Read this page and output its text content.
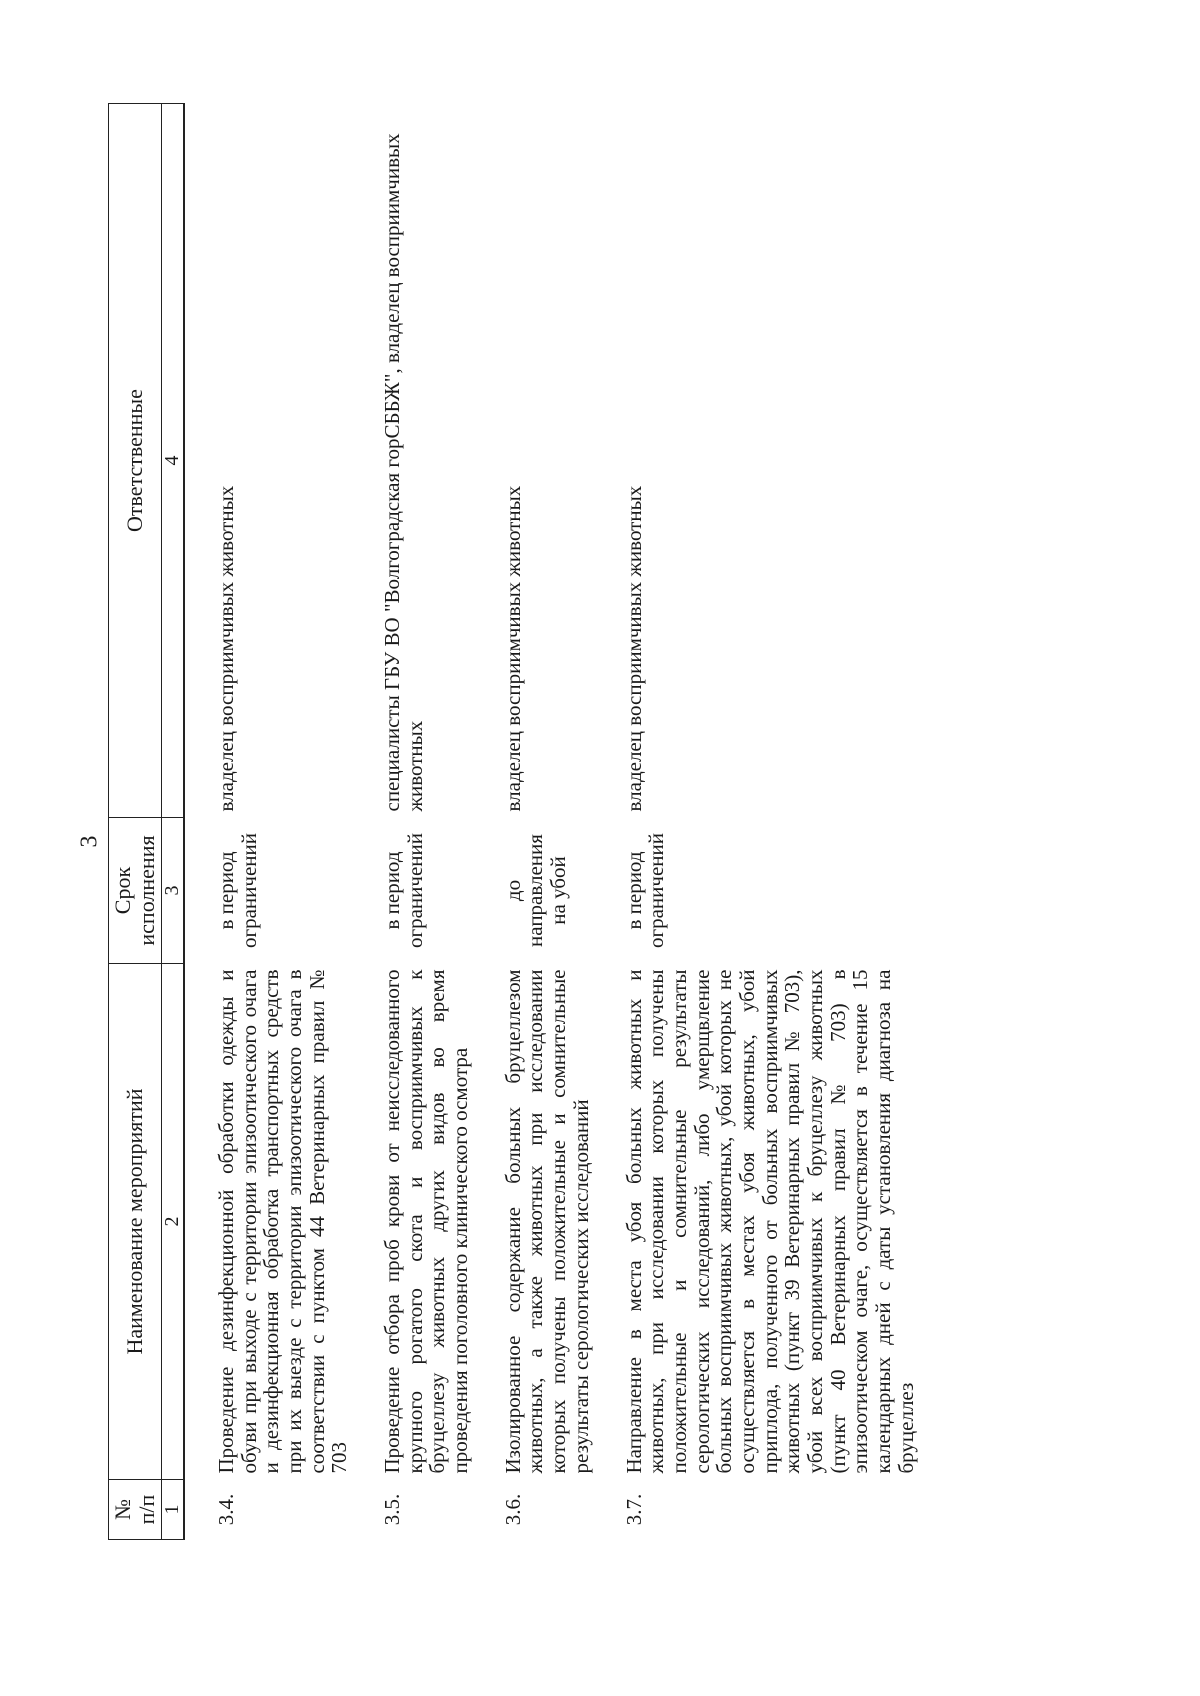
3
№
п/п	Наименование мероприятий	Срок исполнения	Ответственные
1	2	3	4
3.4.	Проведение дезинфекционной обработки одежды и обуви при выходе с территории эпизоотического очага и дезинфекционная обработка транспортных средств при их выезде с территории эпизоотического очага в соответствии с пунктом 44 Ветеринарных правил № 703	в период ограничений	владелец восприимчивых животных
3.5.	Проведение отбора проб крови от неисследованного крупного рогатого скота и восприимчивых к бруцеллезу животных других видов во время проведения поголовного клинического осмотра	в период ограничений	специалисты ГБУ ВО "Волгоградская горСББЖ", владелец восприимчивых животных
3.6.	Изолированное содержание больных бруцеллезом животных, а также животных при исследовании которых получены положительные и сомнительные результаты серологических исследований	до направления на убой	владелец восприимчивых животных
3.7.	Направление в места убоя больных животных и животных, при исследовании которых получены положительные и сомнительные результаты серологических исследований, либо умерщвление больных восприимчивых животных, убой которых не осуществляется в местах убоя животных, убой приплода, полученного от больных восприимчивых животных (пункт 39 Ветеринарных правил № 703), убой всех восприимчивых к бруцеллезу животных (пункт 40 Ветеринарных правил № 703) в эпизоотическом очаге, осуществляется в течение 15 календарных дней с даты установления диагноза на бруцеллез	в период ограничений	владелец восприимчивых животных
